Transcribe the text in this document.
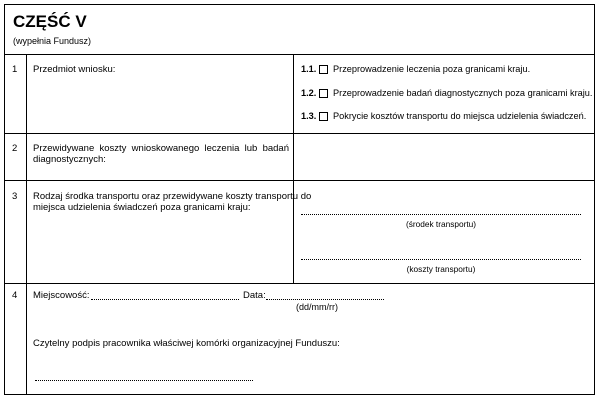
CZĘŚĆ V
(wypełnia Fundusz)
1 Przedmiot wniosku:	1.1. Przeprowadzenie leczenia poza granicami kraju.
1.2. Przeprowadzenie badań diagnostycznych poza granicami kraju.
1.3. Pokrycie kosztów transportu do miejsca udzielenia świadczeń.
2 Przewidywane koszty wnioskowanego leczenia lub badań
diagnostycznych:
3 Rodzaj środka transportu oraz przewidywane koszty transportu do
miejsca udzielenia świadczeń poza granicami kraju:
(środek transportu)
(koszty transportu)
4 Miejscowość:	Data:
(dd/mm/rr)
Czytelny podpis pracownika właściwej komórki organizacyjnej Funduszu:
